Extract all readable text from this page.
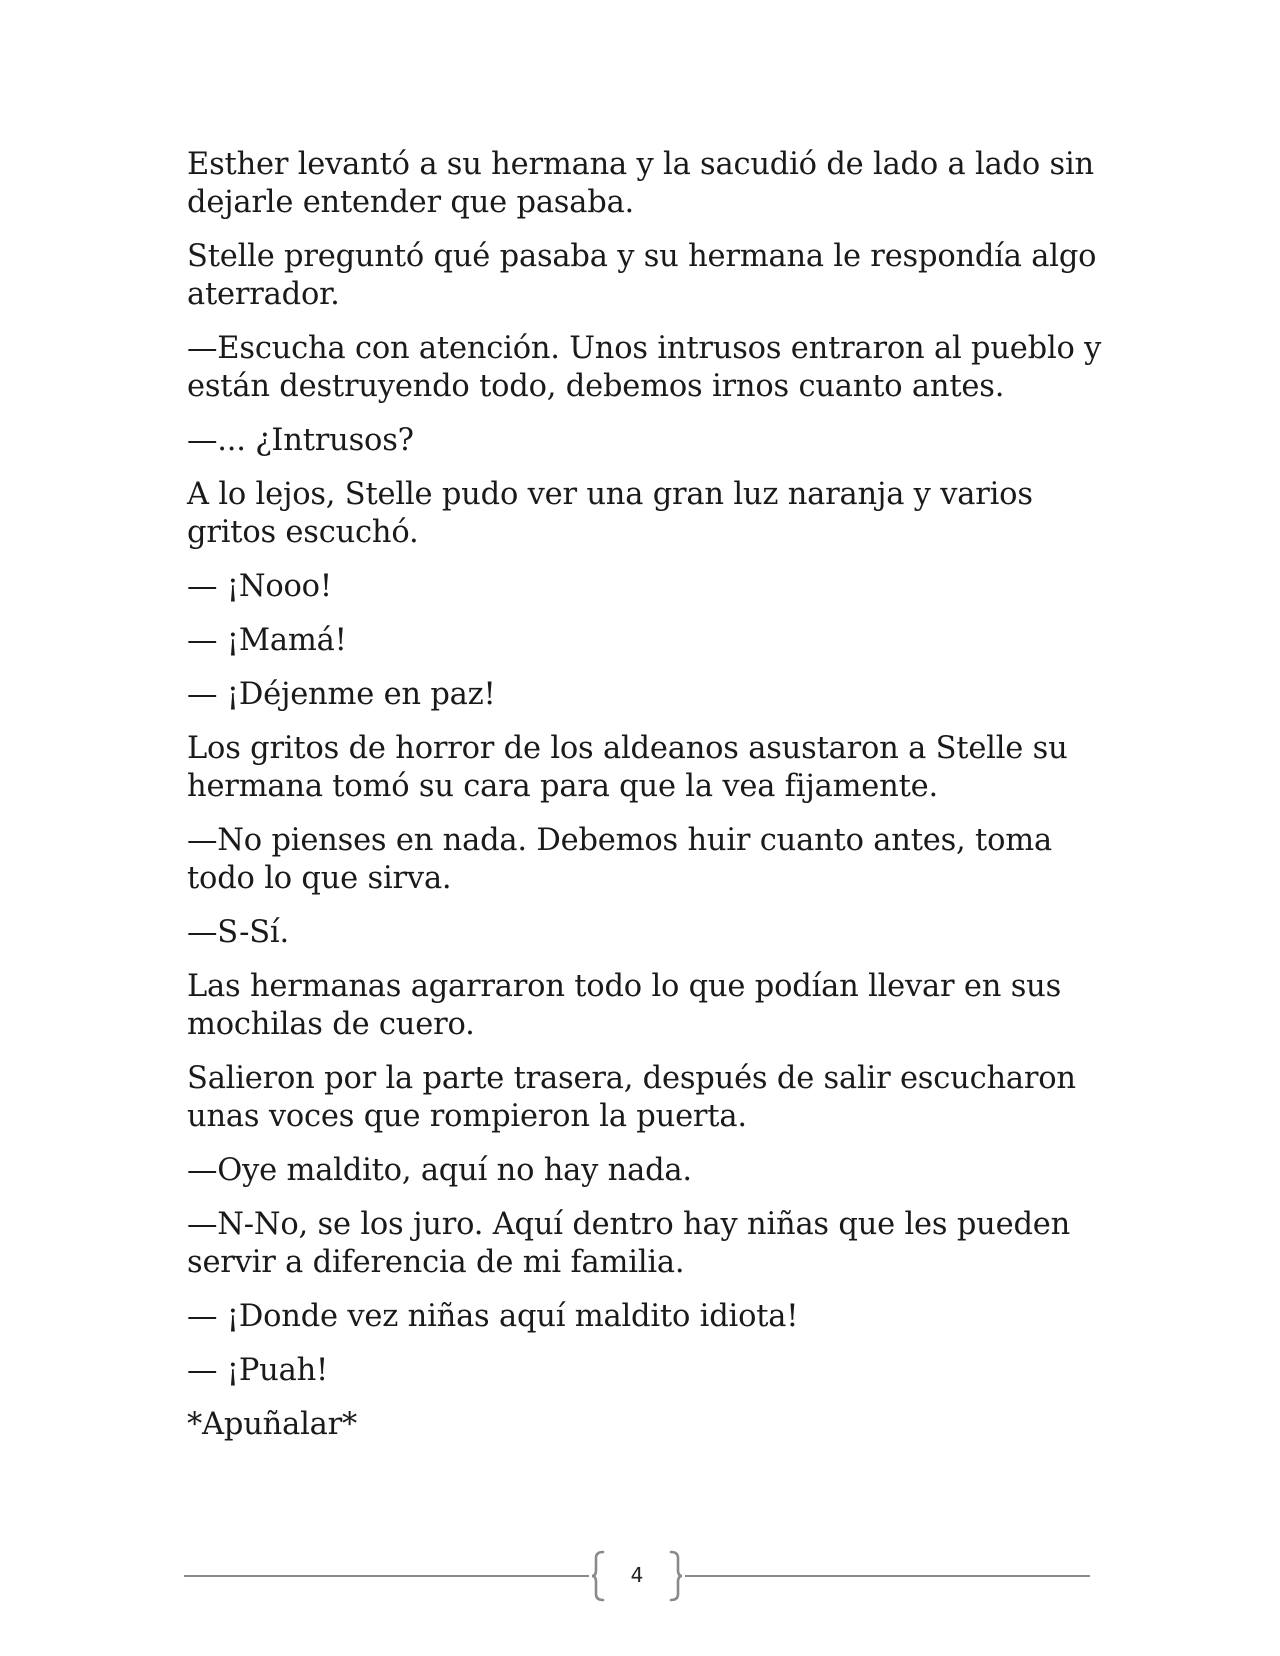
Esther levantó a su hermana y la sacudió de lado a lado sin dejarle entender que pasaba.

Stelle preguntó qué pasaba y su hermana le respondía algo aterrador.

—Escucha con atención. Unos intrusos entraron al pueblo y están destruyendo todo, debemos irnos cuanto antes.

—... ¿Intrusos?

A lo lejos, Stelle pudo ver una gran luz naranja y varios gritos escuchó.

— ¡Nooo!

— ¡Mamá!

— ¡Déjenme en paz!

Los gritos de horror de los aldeanos asustaron a Stelle su hermana tomó su cara para que la vea fijamente.

—No pienses en nada. Debemos huir cuanto antes, toma todo lo que sirva.

—S-Sí.

Las hermanas agarraron todo lo que podían llevar en sus mochilas de cuero.

Salieron por la parte trasera, después de salir escucharon unas voces que rompieron la puerta.

—Oye maldito, aquí no hay nada.

—N-No, se los juro. Aquí dentro hay niñas que les pueden servir a diferencia de mi familia.

— ¡Donde vez niñas aquí maldito idiota!

— ¡Puah!

*Apuñalar*

4
